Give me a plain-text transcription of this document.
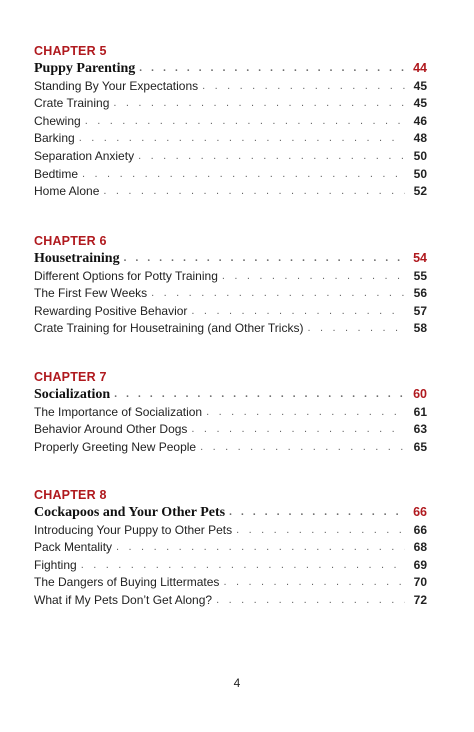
CHAPTER 5
Puppy Parenting . . .	44
Standing By Your Expectations . . .	45
Crate Training . . .	45
Chewing . . .	46
Barking . . .	48
Separation Anxiety . . .	50
Bedtime . . .	50
Home Alone . . .	52
CHAPTER 6
Housetraining . . .	54
Different Options for Potty Training . . .	55
The First Few Weeks . . .	56
Rewarding Positive Behavior . . .	57
Crate Training for Housetraining (and Other Tricks) . . .	58
CHAPTER 7
Socialization . . .	60
The Importance of Socialization . . .	61
Behavior Around Other Dogs . . .	63
Properly Greeting New People . . .	65
CHAPTER 8
Cockapoos and Your Other Pets . . .	66
Introducing Your Puppy to Other Pets . . .	66
Pack Mentality . . .	68
Fighting . . .	69
The Dangers of Buying Littermates . . .	70
What if My Pets Don’t Get Along? . . .	72
4
